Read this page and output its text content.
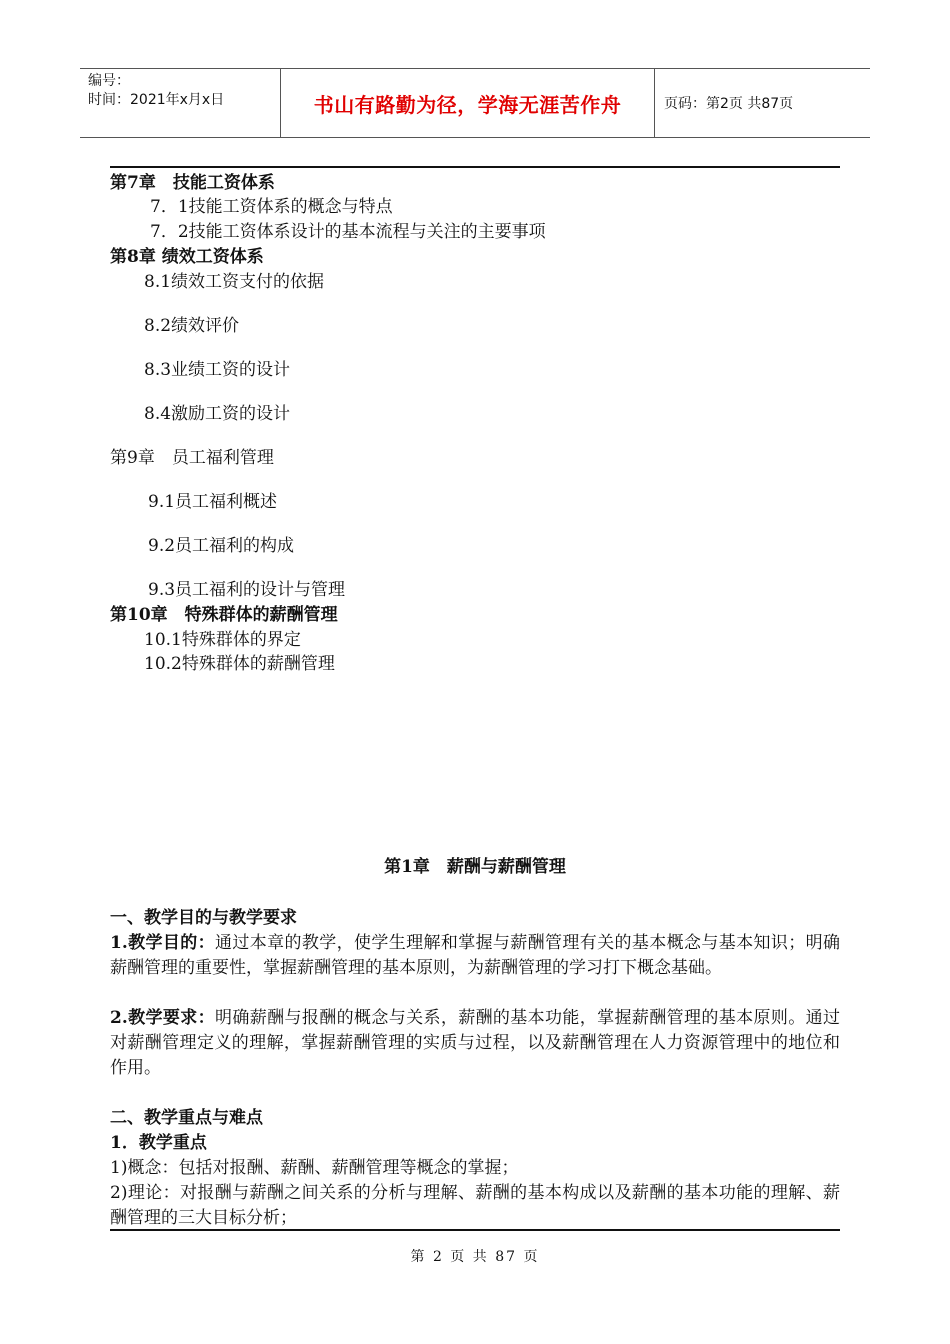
编号：
时间：2021年x月x日	书山有路勤为径，学海无涯苦作舟	页码：第2页 共87页
第7章　技能工资体系
7．1技能工资体系的概念与特点
7．2技能工资体系设计的基本流程与关注的主要事项
第8章 绩效工资体系
8.1绩效工资支付的依据
8.2绩效评价
8.3业绩工资的设计
8.4激励工资的设计
第9章　员工福利管理
9.1员工福利概述
9.2员工福利的构成
9.3员工福利的设计与管理
第10章　特殊群体的薪酬管理
10.1特殊群体的界定
10.2特殊群体的薪酬管理
第1章　薪酬与薪酬管理
一、教学目的与教学要求
1.教学目的：通过本章的教学，使学生理解和掌握与薪酬管理有关的基本概念与基本知识；明确薪酬管理的重要性，掌握薪酬管理的基本原则，为薪酬管理的学习打下概念基础。
2.教学要求：明确薪酬与报酬的概念与关系，薪酬的基本功能，掌握薪酬管理的基本原则。通过对薪酬管理定义的理解，掌握薪酬管理的实质与过程，以及薪酬管理在人力资源管理中的地位和作用。
二、教学重点与难点
1．教学重点
1)概念：包括对报酬、薪酬、薪酬管理等概念的掌握；
2)理论：对报酬与薪酬之间关系的分析与理解、薪酬的基本构成以及薪酬的基本功能的理解、薪酬管理的三大目标分析；
第 2 页 共 87 页
